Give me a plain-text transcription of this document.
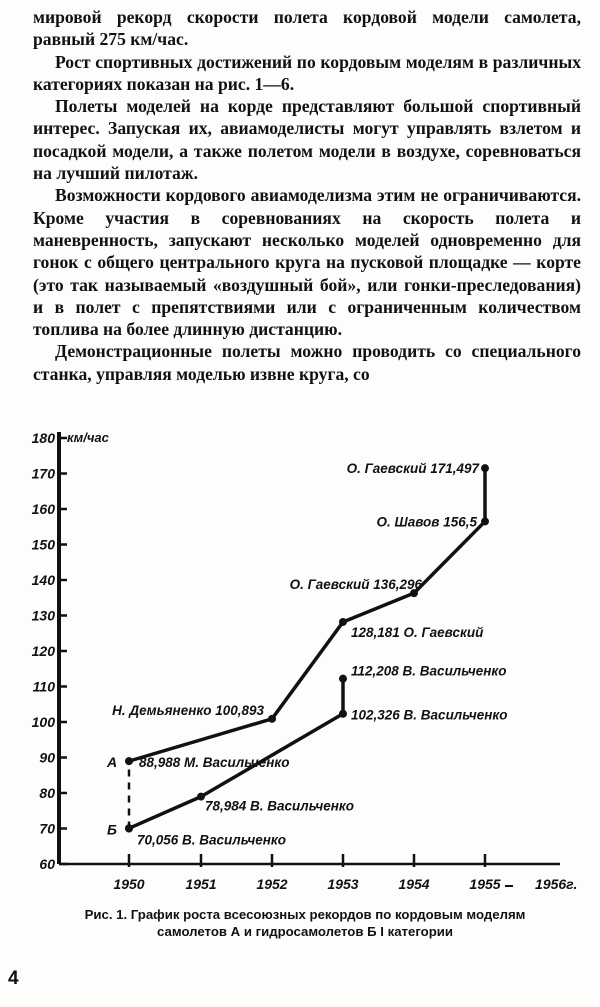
мировой рекорд скорости полета кордовой модели самолета, равный 275 км/час.

Рост спортивных достижений по кордовым моделям в различных категориях показан на рис. 1—6.

Полеты моделей на корде представляют большой спортивный интерес. Запуская их, авиамоделисты могут управлять взлетом и посадкой модели, а также полетом модели в воздухе, соревноваться на лучший пилотаж.

Возможности кордового авиамоделизма этим не ограничиваются. Кроме участия в соревнованиях на скорость полета и маневренность, запускают несколько моделей одновременно для гонок с общего центрального круга на пусковой площадке — корте (это так называемый «воздушный бой», или гонки-преследования) и в полет с препятствиями или с ограниченным количеством топлива на более длинную дистанцию.

Демонстрационные полеты можно проводить со специального станка, управляя моделью извне круга, со

60
70
80
90
100
110
120
130
140
150
160
170
180 км/час
1950	1951	1952	1953	1954	1955 1956г.
88,988 М. Васильченко
Н. Демьяненко 100,893
128,181 О. Гаевский
О. Гаевский 136,296
О. Шавов 156,5
О. Гаевский 171,497
70,056 В. Васильченко
78,984 В. Васильченко
102,326 В. Васильченко
112,208 В. Васильченко
A
Б
Рис. 1. График роста всесоюзных рекордов по кордовым моделям
самолетов А и гидросамолетов Б I категории
4
